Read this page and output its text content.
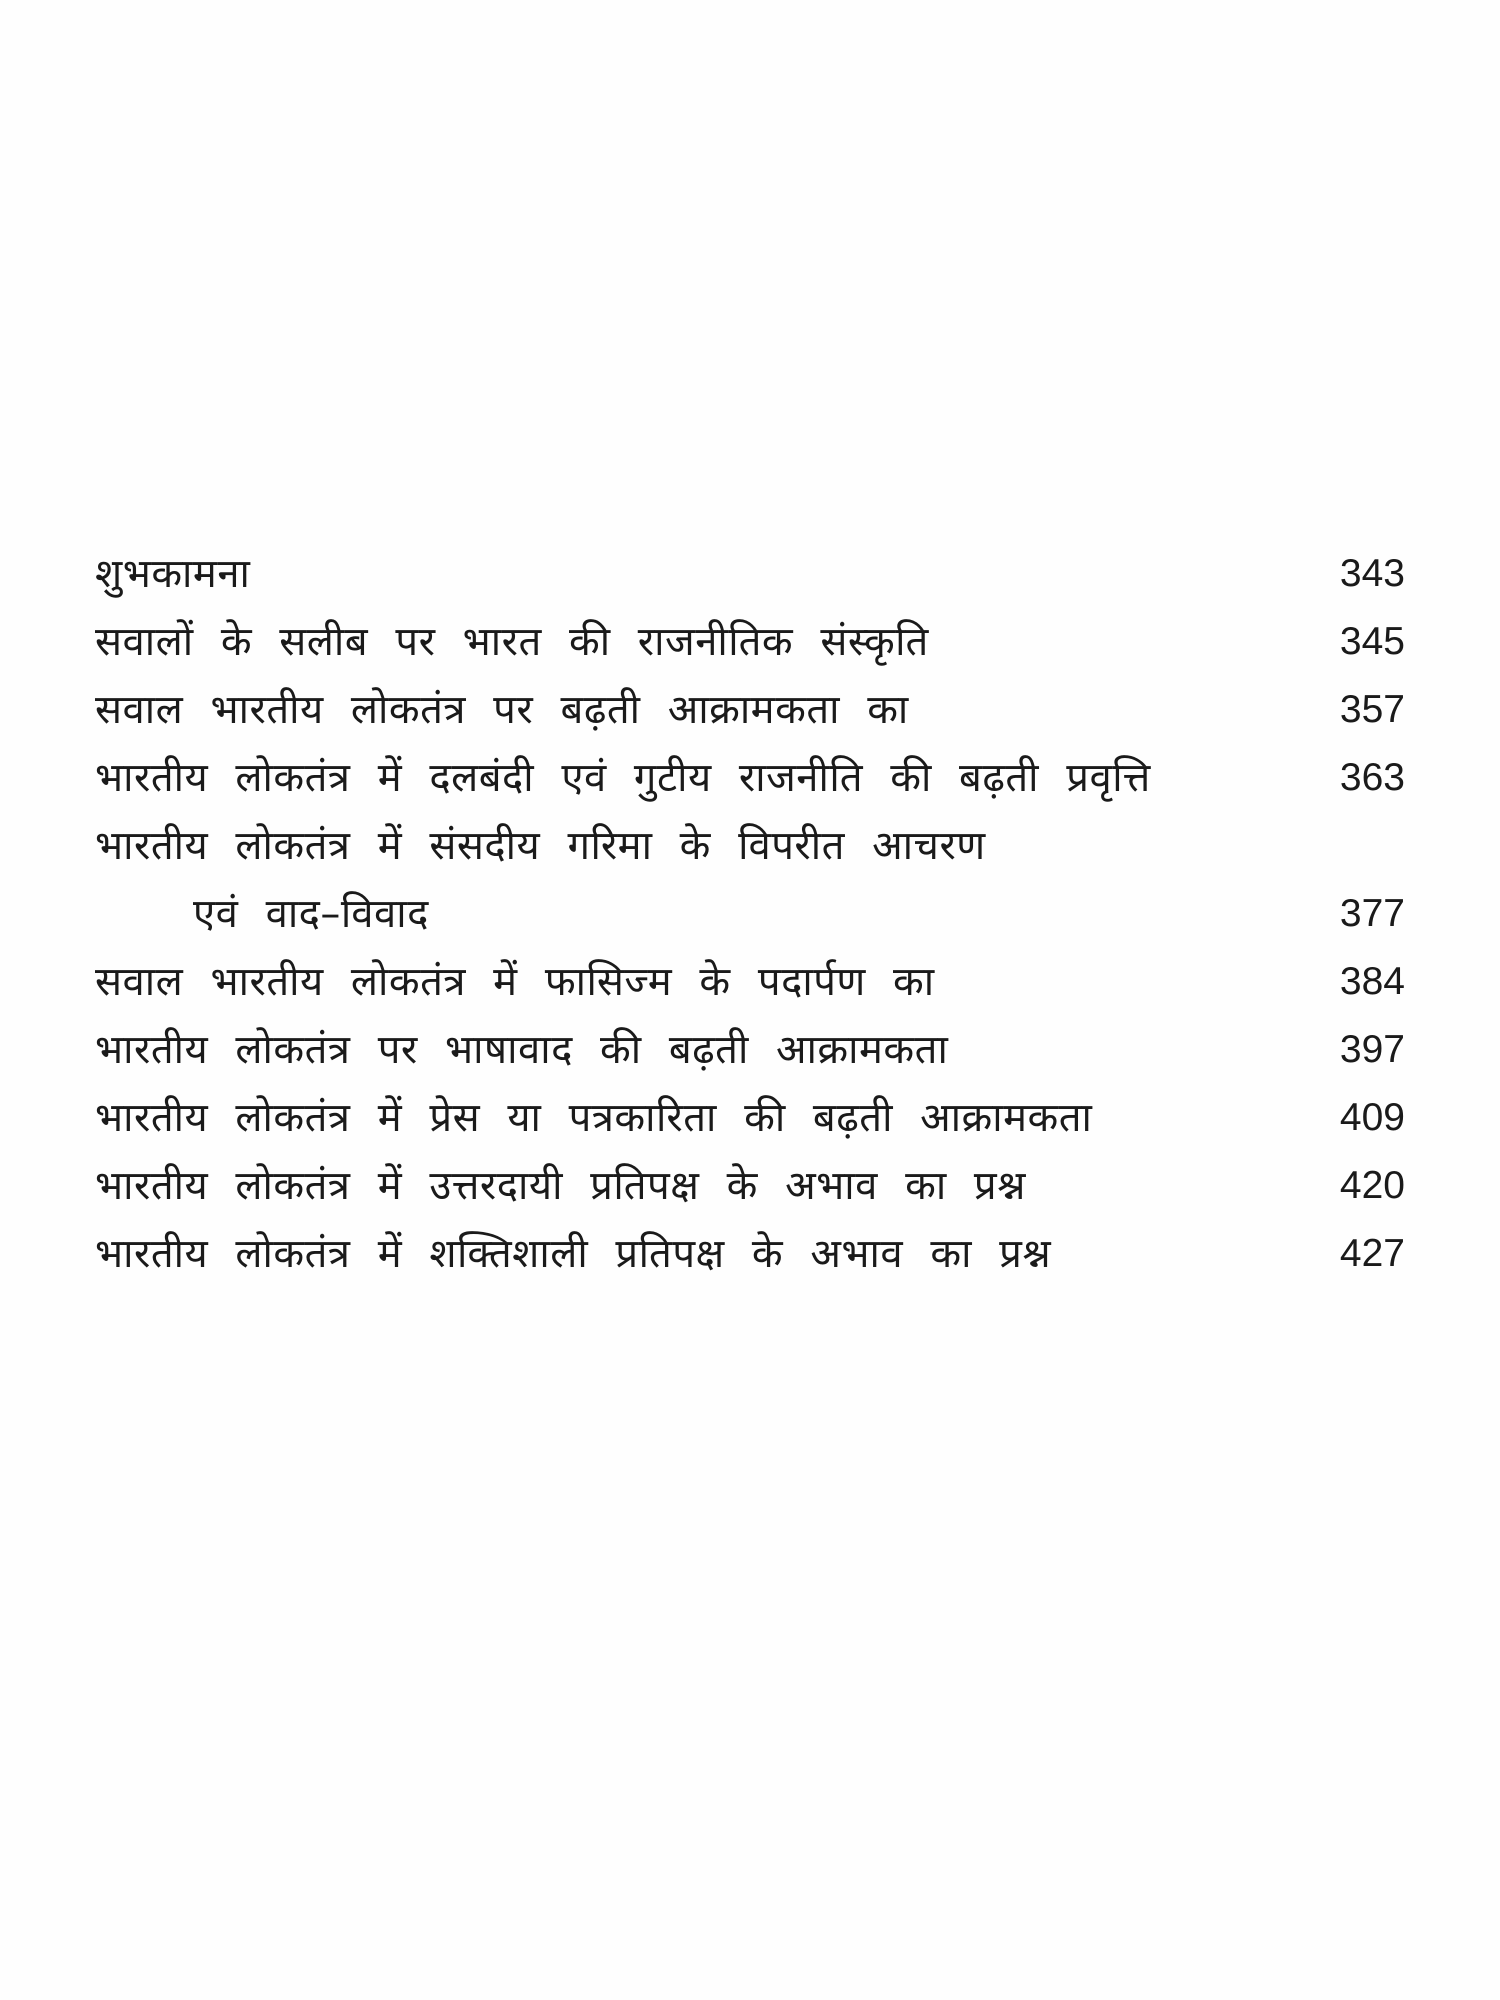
शुभकामना	343
सवालों के सलीब पर भारत की राजनीतिक संस्कृति	345
सवाल भारतीय लोकतंत्र पर बढ़ती आक्रामकता का	357
भारतीय लोकतंत्र में दलबंदी एवं गुटीय राजनीति की बढ़ती प्रवृत्ति	363
भारतीय लोकतंत्र में संसदीय गरिमा के विपरीत आचरण
एवं वाद–विवाद	377
सवाल भारतीय लोकतंत्र में फासिज्म के पदार्पण का	384
भारतीय लोकतंत्र पर भाषावाद की बढ़ती आक्रामकता	397
भारतीय लोकतंत्र में प्रेस या पत्रकारिता की बढ़ती आक्रामकता	409
भारतीय लोकतंत्र में उत्तरदायी प्रतिपक्ष के अभाव का प्रश्न	420
भारतीय लोकतंत्र में शक्तिशाली प्रतिपक्ष के अभाव का प्रश्न	427
